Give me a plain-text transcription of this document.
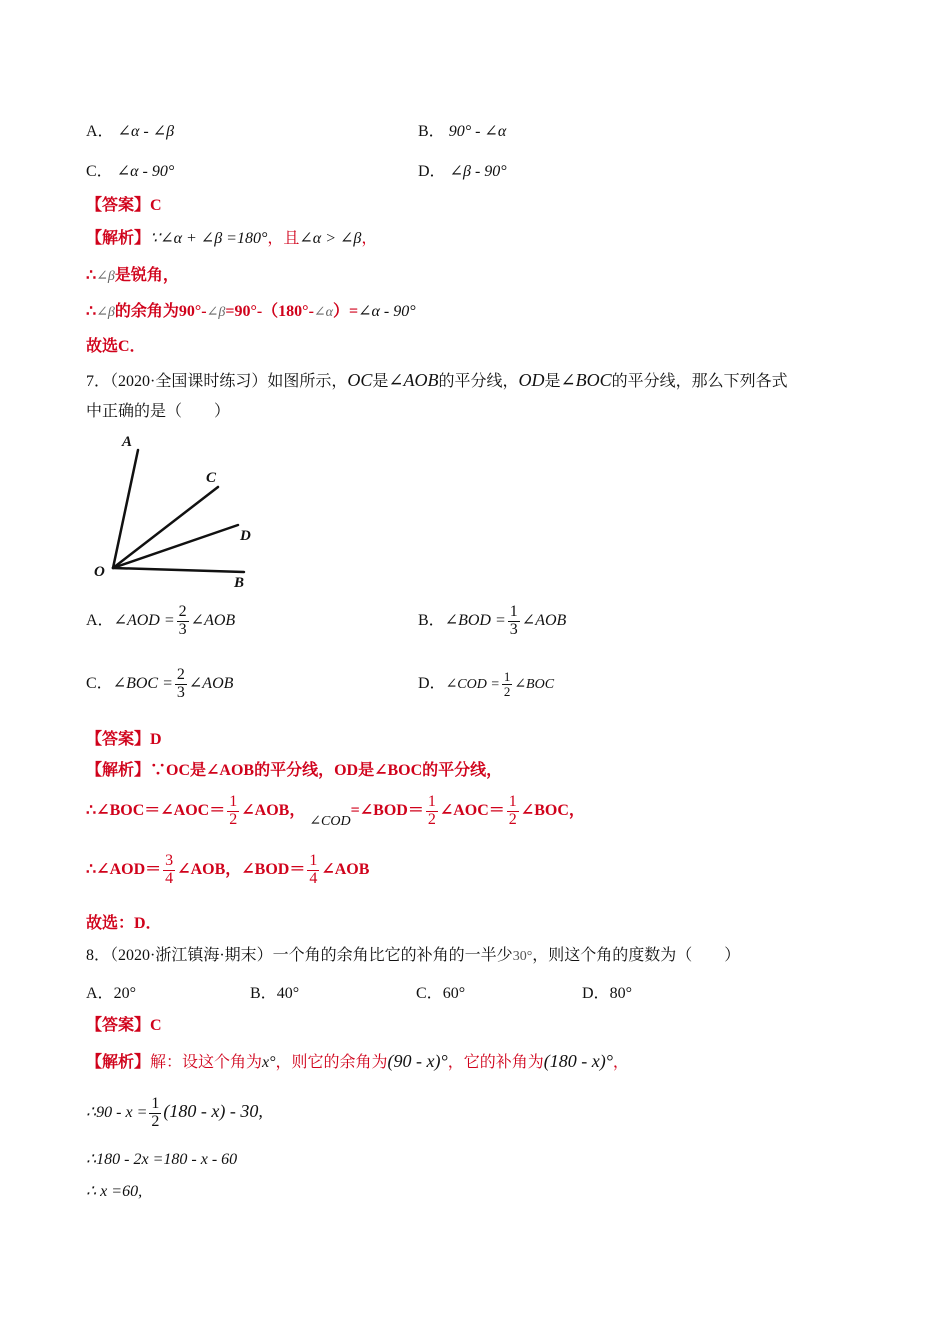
A． ∠α - ∠β	B． 90° - ∠α
C． ∠α - 90°	D． ∠β - 90°
【答案】C
【解析】∵∠α + ∠β =180°，且∠α > ∠β，
∴∠β是锐角，
∴∠β的余角为90°-∠β=90°-（180°-∠α）=∠α - 90°
故选C．
7．（2020·全国课时练习）如图所示，OC是∠AOB的平分线，OD是∠BOC的平分线，那么下列各式
中正确的是（　　）
A
C
D
B
O
A．∠AOD = $\frac{2}{3}$ ∠AOB	B．∠BOD = $\frac{1}{3}$ ∠AOB
C．∠BOC = $\frac{2}{3}$ ∠AOB	D．∠COD = $\frac{1}{2}$ ∠BOC
【答案】D
【解析】∵OC是∠AOB的平分线，OD是∠BOC的平分线，
∴∠BOC＝∠AOC＝ $\frac{1}{2}$ ∠AOB， ∠COD=∠BOD＝ $\frac{1}{2}$ ∠AOC＝ $\frac{1}{2}$ ∠BOC，
∴∠AOD＝ $\frac{3}{4}$ ∠AOB，∠BOD＝ $\frac{1}{4}$ ∠AOB
故选：D．
8．（2020·浙江镇海·期末）一个角的余角比它的补角的一半少30°，则这个角的度数为（　　）
A．20°	B．40°	C．60°	D．80°
【答案】C
【解析】解：设这个角为x°，则它的余角为(90 - x)°，它的补角为(180 - x)°，
∴90 - $x = \frac{1}{2} (180 - x) - 30$,
∴180 - 2x =180 - x - 60
∴ x =60,
